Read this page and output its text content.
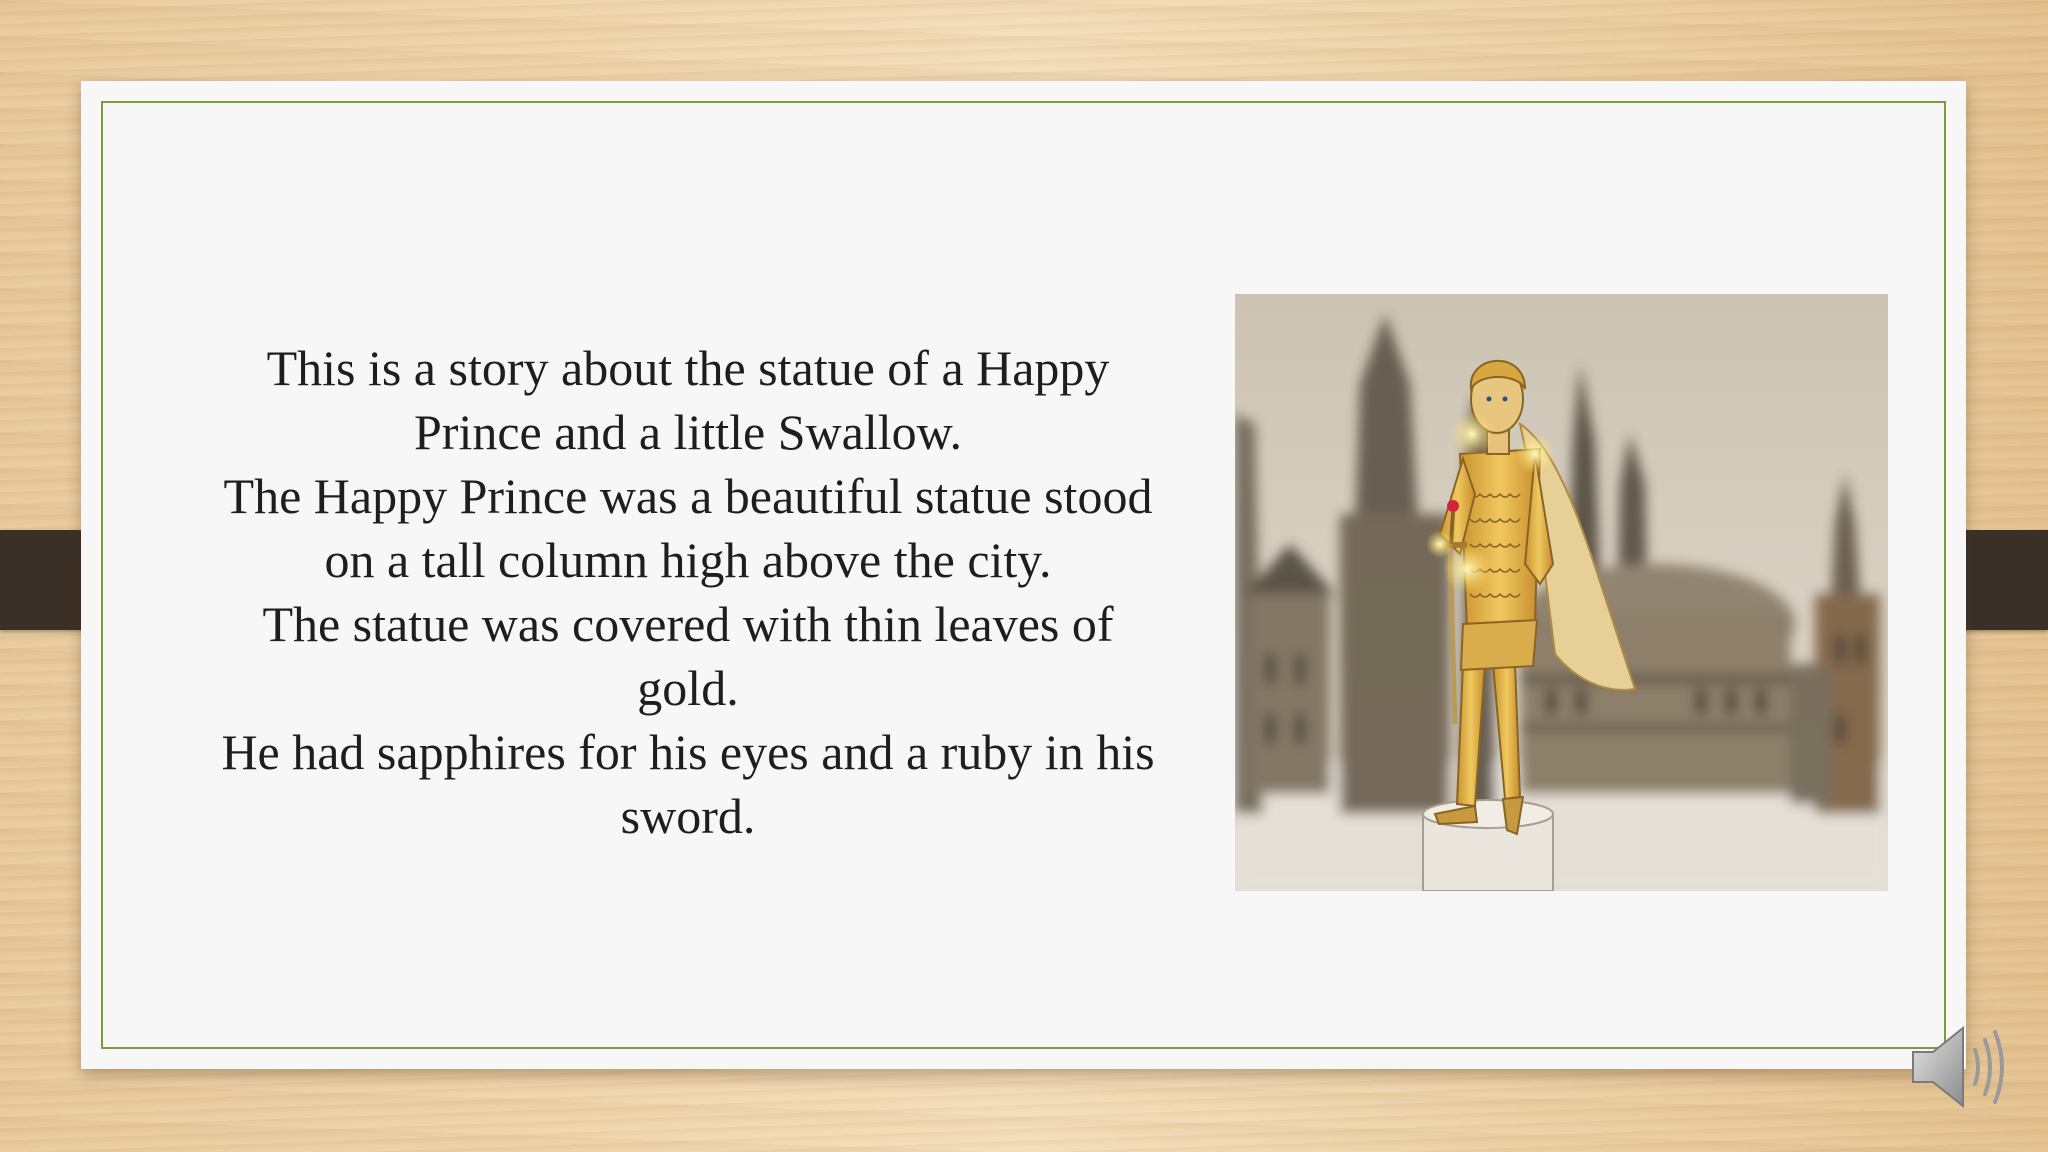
This is a story about the statue of a Happy
Prince and a little Swallow.
The Happy Prince was a beautiful statue stood
on a tall column high above the city.
The statue was covered with thin leaves of
gold.
He had sapphires for his eyes and a ruby in his
sword.
